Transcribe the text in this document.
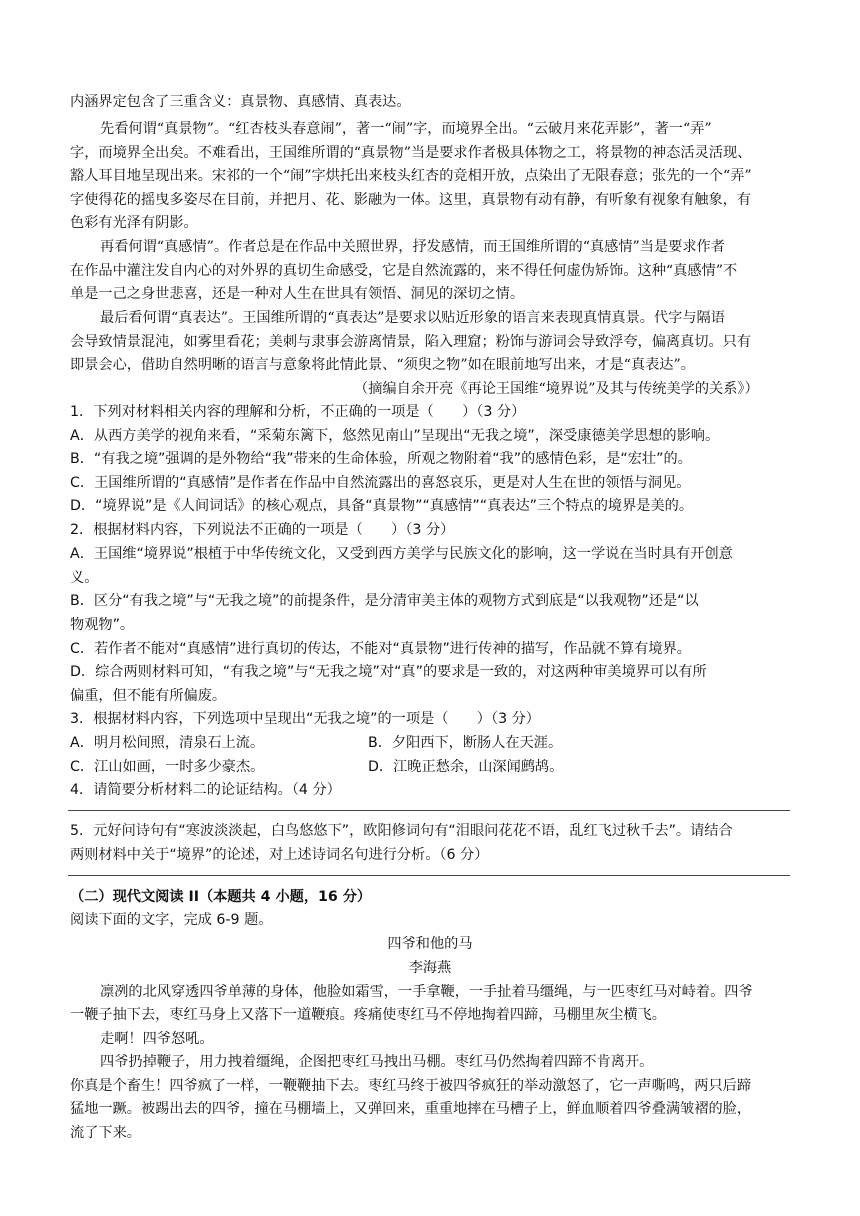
内涵界定包含了三重含义：真景物、真感情、真表达。
先看何谓“真景物”。“红杏枝头春意闹”，著一“闹”字，而境界全出。“云破月来花弄影”，著一“弄”
字，而境界全出矣。不难看出，王国维所谓的“真景物”当是要求作者极具体物之工，将景物的神态活灵活现、
豁人耳目地呈现出来。宋祁的一个“闹”字烘托出来枝头红杏的竞相开放，点染出了无限春意；张先的一个“弄”
字使得花的摇曳多姿尽在目前，并把月、花、影融为一体。这里，真景物有动有静，有听象有视象有触象，有
色彩有光泽有阴影。
再看何谓“真感情”。作者总是在作品中关照世界，抒发感情，而王国维所谓的“真感情”当是要求作者
在作品中灌注发自内心的对外界的真切生命感受，它是自然流露的，来不得任何虚伪矫饰。这种“真感情”不
单是一己之身世悲喜，还是一种对人生在世具有领悟、洞见的深切之情。
最后看何谓“真表达”。王国维所谓的“真表达”是要求以贴近形象的语言来表现真情真景。代字与隔语
会导致情景混沌，如雾里看花；美刺与隶事会游离情景，陷入理窟；粉饰与游词会导致浮夸，偏离真切。只有
即景会心，借助自然明晰的语言与意象将此情此景、“须臾之物”如在眼前地写出来，才是“真表达”。
（摘编自余开亮《再论王国维“境界说”及其与传统美学的关系》）
1．下列对材料相关内容的理解和分析，不正确的一项是（　　）（3 分）
A．从西方美学的视角来看，“采菊东篱下，悠然见南山”呈现出“无我之境”，深受康德美学思想的影响。
B．“有我之境”强调的是外物给“我”带来的生命体验，所观之物附着“我”的感情色彩，是“宏壮”的。
C．王国维所谓的“真感情”是作者在作品中自然流露出的喜怒哀乐，更是对人生在世的领悟与洞见。
D．“境界说”是《人间词话》的核心观点，具备“真景物”“真感情”“真表达”三个特点的境界是美的。
2．根据材料内容，下列说法不正确的一项是（　　）（3 分）
A．王国维“境界说”根植于中华传统文化，又受到西方美学与民族文化的影响，这一学说在当时具有开创意
义。
B．区分“有我之境”与“无我之境”的前提条件，是分清审美主体的观物方式到底是“以我观物”还是“以
物观物”。
C．若作者不能对“真感情”进行真切的传达，不能对“真景物”进行传神的描写，作品就不算有境界。
D．综合两则材料可知，“有我之境”与“无我之境”对“真”的要求是一致的，对这两种审美境界可以有所
偏重，但不能有所偏废。
3．根据材料内容，下列选项中呈现出“无我之境”的一项是（　　）（3 分）
A．明月松间照，清泉石上流。	B．夕阳西下，断肠人在天涯。
C．江山如画，一时多少豪杰。	D．江晚正愁余，山深闻鹧鸪。
4．请简要分析材料二的论证结构。（4 分）
5．元好问诗句有“寒波淡淡起，白鸟悠悠下”，欧阳修词句有“泪眼问花花不语，乱红飞过秋千去”。请结合
两则材料中关于“境界”的论述，对上述诗词名句进行分析。（6 分）
（二）现代文阅读 II（本题共 4 小题，16 分）
阅读下面的文字，完成 6-9 题。
四爷和他的马
李海燕
凛冽的北风穿透四爷单薄的身体，他脸如霜雪，一手拿鞭，一手扯着马缰绳，与一匹枣红马对峙着。四爷
一鞭子抽下去，枣红马身上又落下一道鞭痕。疼痛使枣红马不停地掏着四蹄，马棚里灰尘横飞。
走啊！四爷怒吼。
四爷扔掉鞭子，用力拽着缰绳，企图把枣红马拽出马棚。枣红马仍然掏着四蹄不肯离开。
你真是个畜生！四爷疯了一样，一鞭鞭抽下去。枣红马终于被四爷疯狂的举动激怒了，它一声嘶鸣，两只后蹄
猛地一蹶。被踢出去的四爷，撞在马棚墙上，又弹回来，重重地摔在马槽子上，鲜血顺着四爷叠满皱褶的脸，
流了下来。
